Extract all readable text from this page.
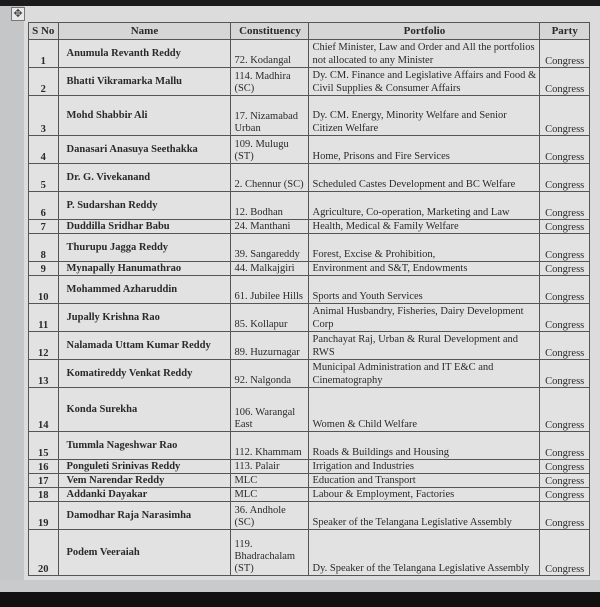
✥
S No	Name	Constituency	Portfolio	Party
1	Anumula Revanth Reddy	72. Kodangal	Chief Minister, Law and Order and All the portfolios not allocated to any Minister	Congress
2	Bhatti Vikramarka Mallu	114. Madhira (SC)	Dy. CM. Finance and Legislative Affairs and Food & Civil Supplies & Consumer Affairs	Congress
3	Mohd Shabbir Ali	17. Nizamabad Urban	Dy. CM. Energy, Minority Welfare and Senior Citizen Welfare	Congress
4	Danasari Anasuya Seethakka	109. Mulugu (ST)	Home, Prisons and Fire Services	Congress
5	Dr. G. Vivekanand	2. Chennur (SC)	Scheduled Castes Development and BC Welfare	Congress
6	P. Sudarshan Reddy	12. Bodhan	Agriculture, Co-operation, Marketing and Law	Congress
7	Duddilla Sridhar Babu	24. Manthani	Health, Medical & Family Welfare	Congress
8	Thurupu Jagga Reddy	39. Sangareddy	Forest, Excise & Prohibition,	Congress
9	Mynapally Hanumathrao	44. Malkajgiri	Environment and S&T, Endowments	Congress
10	Mohammed Azharuddin	61. Jubilee Hills	Sports and Youth Services	Congress
11	Jupally Krishna Rao	85. Kollapur	Animal Husbandry, Fisheries, Dairy Development Corp	Congress
12	Nalamada Uttam Kumar Reddy	89. Huzurnagar	Panchayat Raj, Urban & Rural Development and RWS	Congress
13	Komatireddy Venkat Reddy	92. Nalgonda	Municipal Administration and IT E&C and Cinematography	Congress
14	Konda Surekha	106. Warangal East	Women & Child Welfare	Congress
15	Tummla Nageshwar Rao	112. Khammam	Roads & Buildings and Housing	Congress
16	Ponguleti Srinivas Reddy	113. Palair	Irrigation and Industries	Congress
17	Vem Narendar Reddy	MLC	Education and Transport	Congress
18	Addanki Dayakar	MLC	Labour & Employment, Factories	Congress
19	Damodhar Raja Narasimha	36. Andhole (SC)	Speaker of the Telangana Legislative Assembly	Congress
20	Podem Veeraiah	119. Bhadrachalam (ST)	Dy. Speaker of the Telangana Legislative Assembly	Congress
